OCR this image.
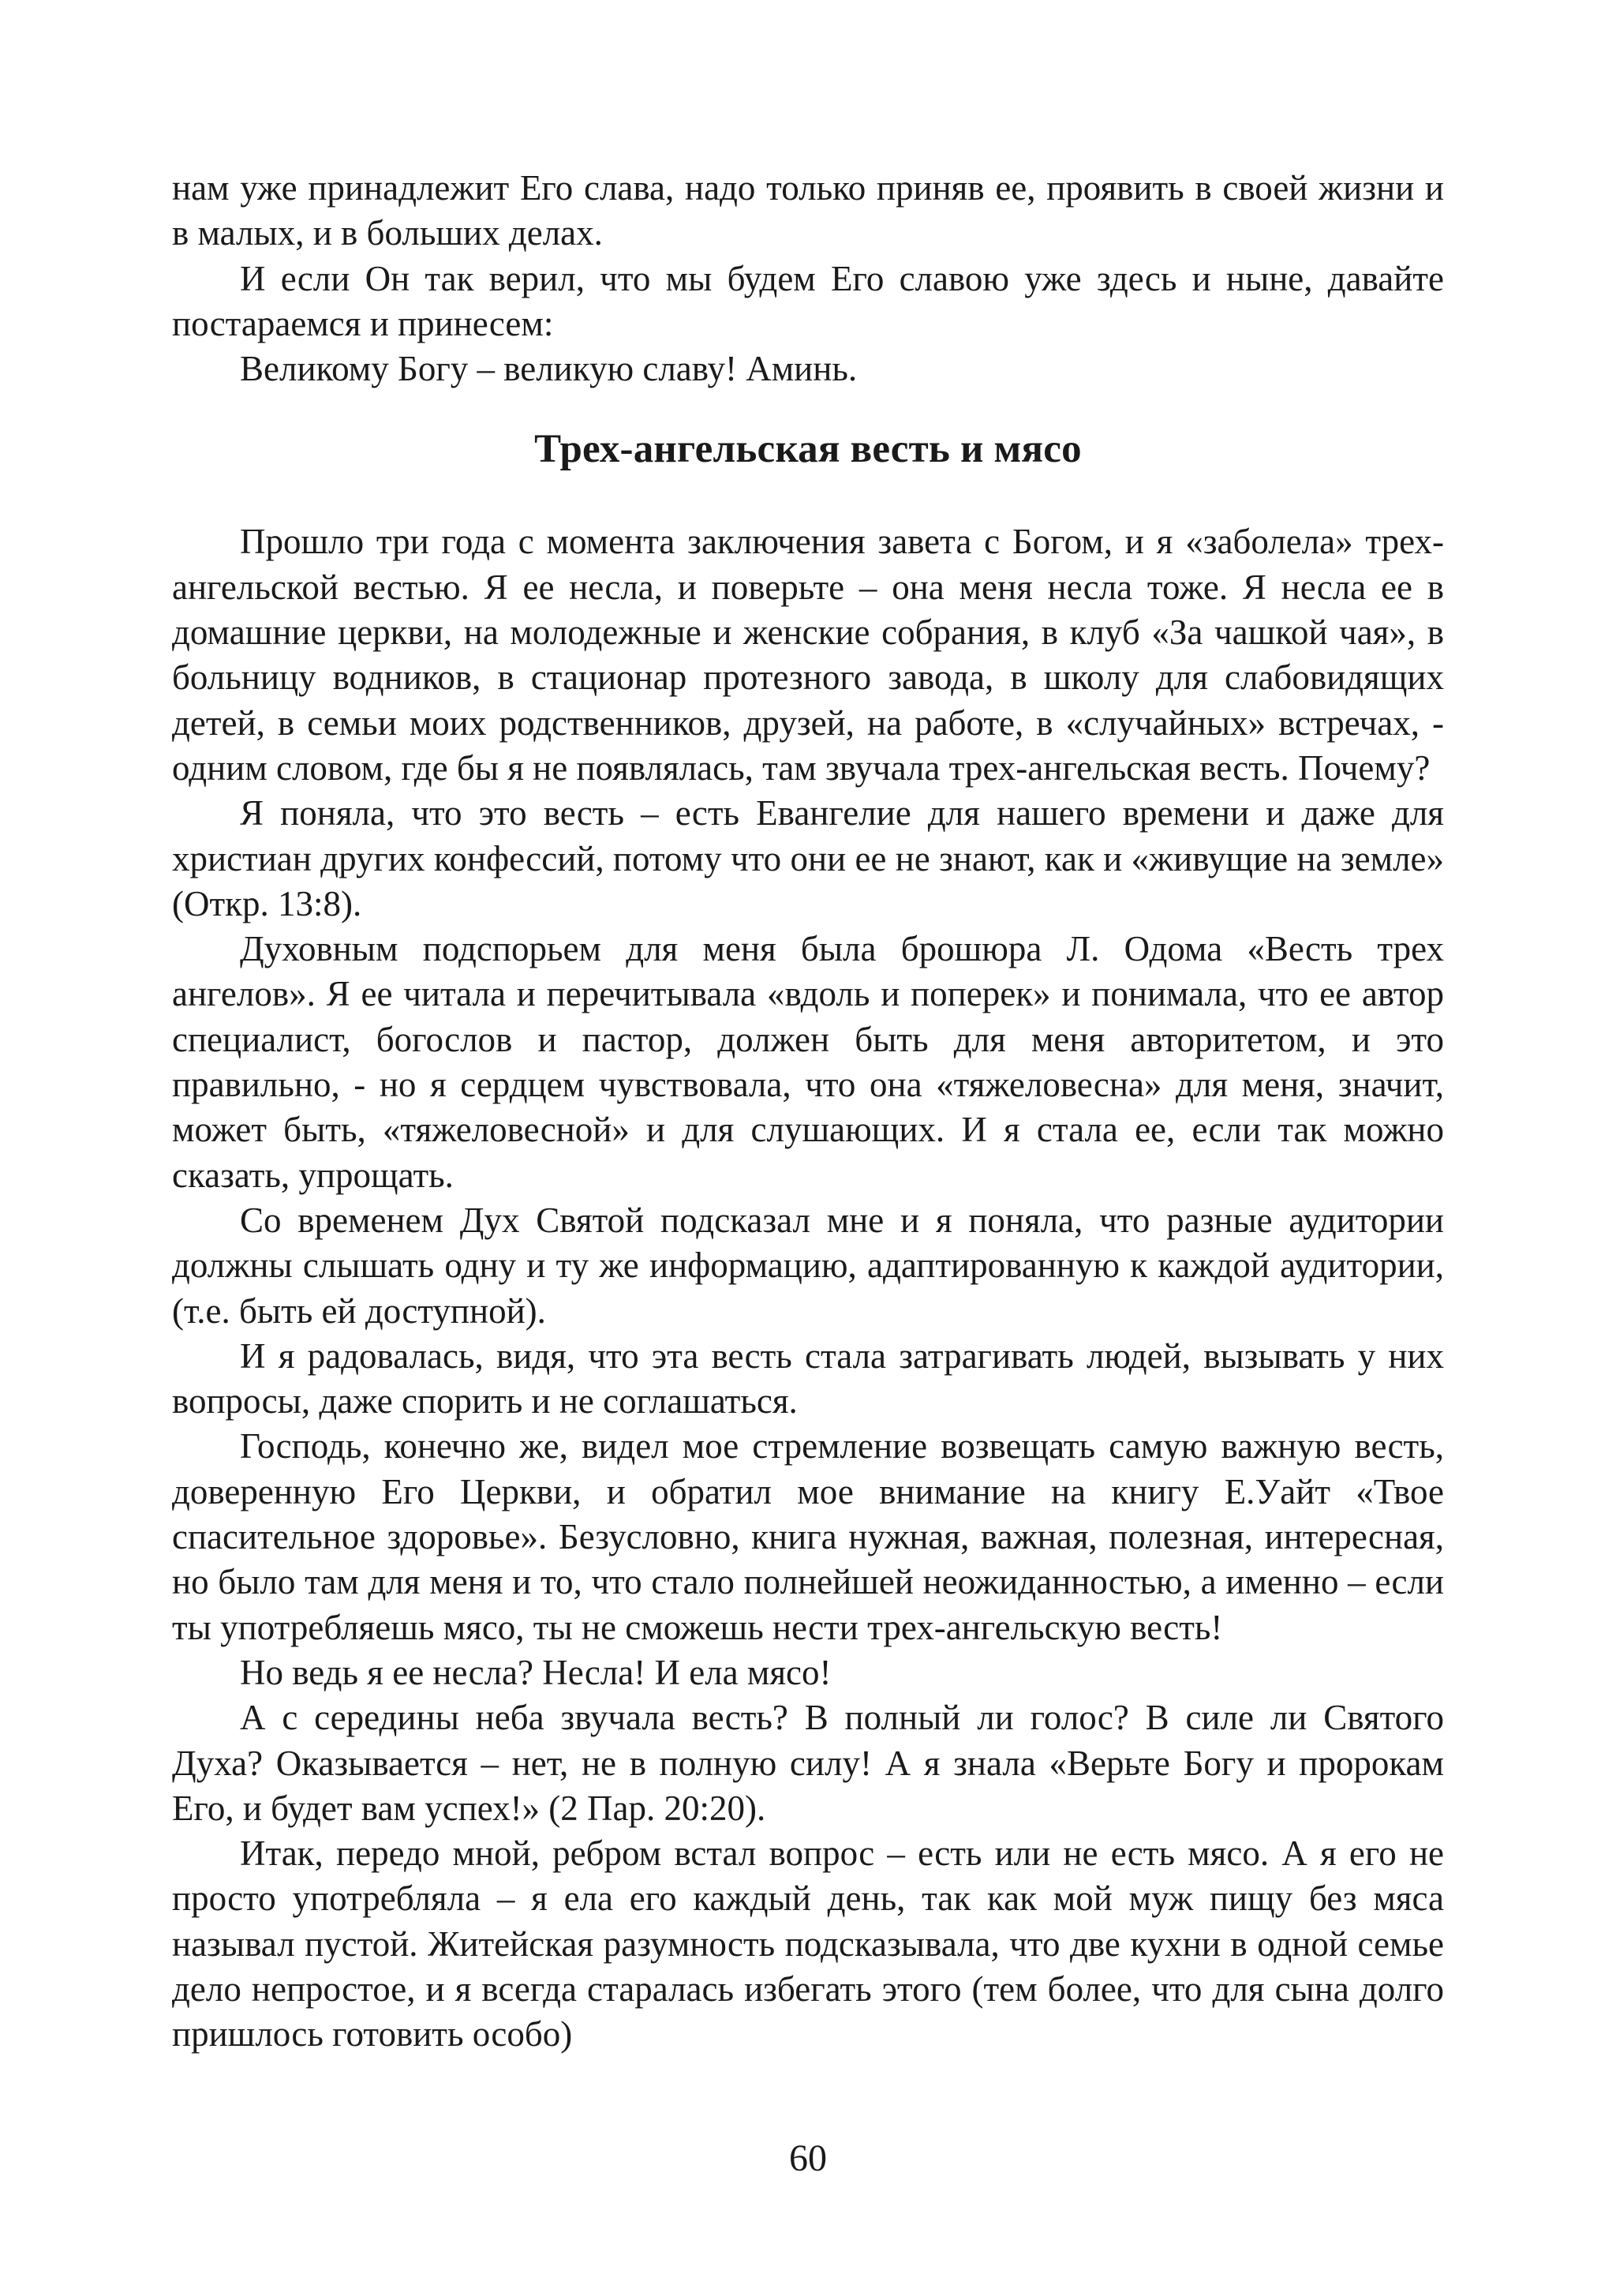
нам уже принадлежит Его слава, надо только приняв ее, проявить в своей жизни и в малых, и в больших делах.

И если Он так верил, что мы будем Его славою уже здесь и ныне, давайте постараемся и принесем:

Великому Богу – великую славу! Аминь.

Трех-ангельская весть и мясо

Прошло три года с момента заключения завета с Богом, и я «заболела» трех-ангельской вестью. Я ее несла, и поверьте – она меня несла тоже. Я несла ее в домашние церкви, на молодежные и женские собрания, в клуб «За чашкой чая», в больницу водников, в стационар протезного завода, в школу для слабовидящих детей, в семьи моих родственников, друзей, на работе, в «случайных» встречах, - одним словом, где бы я не появлялась, там звучала трех-ангельская весть. Почему?

Я поняла, что это весть – есть Евангелие для нашего времени и даже для христиан других конфессий, потому что они ее не знают, как и «живущие на земле» (Откр. 13:8).

Духовным подспорьем для меня была брошюра Л. Одома «Весть трех ангелов». Я ее читала и перечитывала «вдоль и поперек» и понимала, что ее автор специалист, богослов и пастор, должен быть для меня авторитетом, и это правильно, - но я сердцем чувствовала, что она «тяжеловесна» для меня, значит, может быть, «тяжеловесной» и для слушающих. И я стала ее, если так можно сказать, упрощать.

Со временем Дух Святой подсказал мне и я поняла, что разные аудитории должны слышать одну и ту же информацию, адаптированную к каждой аудитории, (т.е. быть ей доступной).

И я радовалась, видя, что эта весть стала затрагивать людей, вызывать у них вопросы, даже спорить и не соглашаться.

Господь, конечно же, видел мое стремление возвещать самую важную весть, доверенную Его Церкви, и обратил мое внимание на книгу Е.Уайт «Твое спасительное здоровье». Безусловно, книга нужная, важная, полезная, интересная, но было там для меня и то, что стало полнейшей неожиданностью, а именно – если ты употребляешь мясо, ты не сможешь нести трех-ангельскую весть!

Но ведь я ее несла? Несла! И ела мясо!

А с середины неба звучала весть? В полный ли голос? В силе ли Святого Духа? Оказывается – нет, не в полную силу! А я знала «Верьте Богу и пророкам Его, и будет вам успех!» (2 Пар. 20:20).

Итак, передо мной, ребром встал вопрос – есть или не есть мясо. А я его не просто употребляла – я ела его каждый день, так как мой муж пищу без мяса называл пустой. Житейская разумность подсказывала, что две кухни в одной семье дело непростое, и я всегда старалась избегать этого (тем более, что для сына долго пришлось готовить особо)

60
